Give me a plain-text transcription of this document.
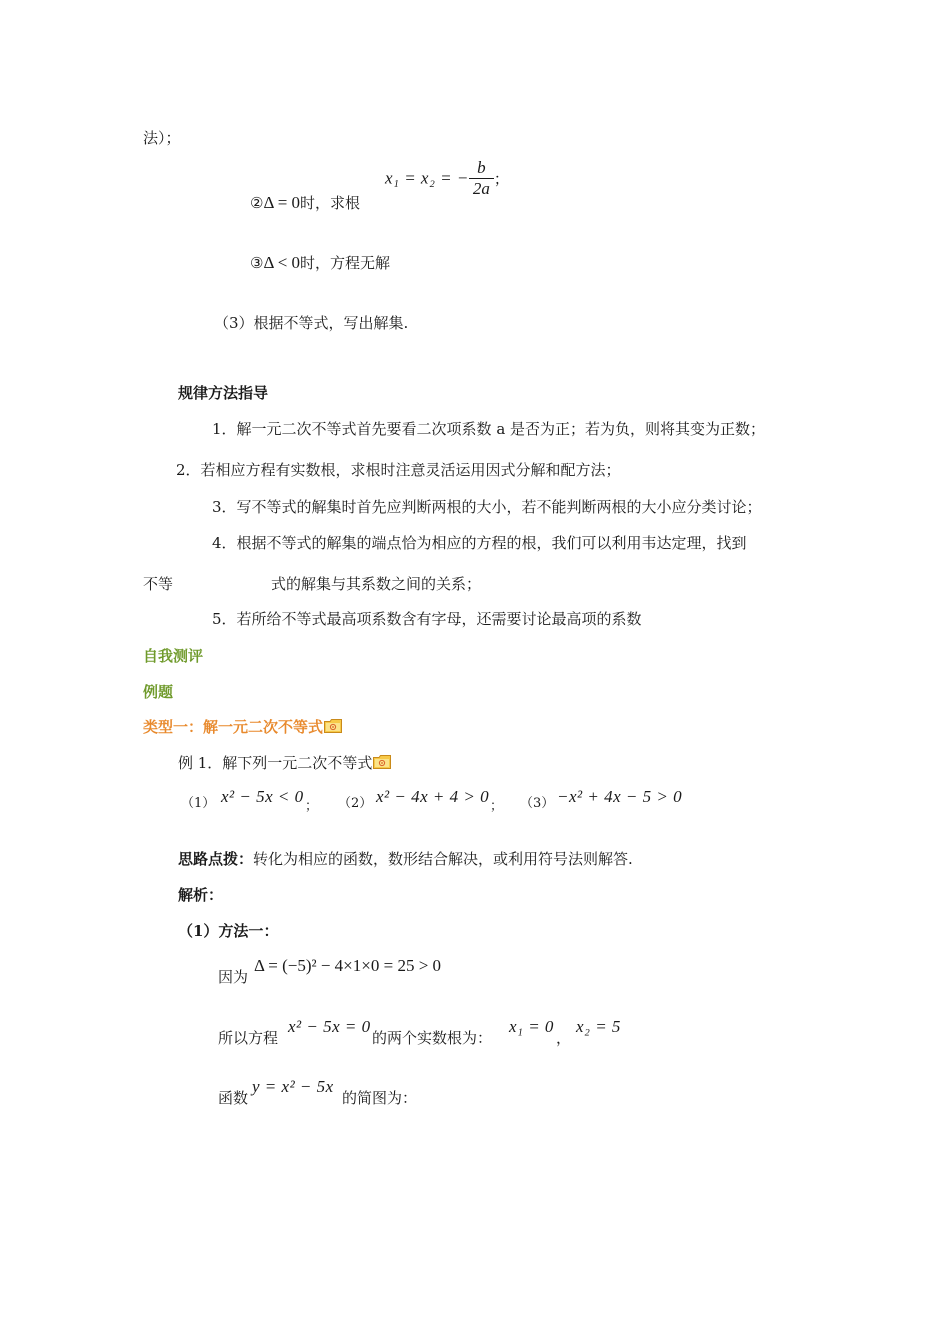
法）；
②Δ = 0时，求根
x₁ = x₂ = − $\frac{b}{2a}$ ；
③Δ < 0时，方程无解
（3）根据不等式，写出解集.
规律方法指导
1．解一元二次不等式首先要看二次项系数 a 是否为正；若为负，则将其变为正数；
2．若相应方程有实数根，求根时注意灵活运用因式分解和配方法；
3．写不等式的解集时首先应判断两根的大小，若不能判断两根的大小应分类讨论；
4．根据不等式的解集的端点恰为相应的方程的根，我们可以利用韦达定理，找到
不等	式的解集与其系数之间的关系；
5．若所给不等式最高项系数含有字母，还需要讨论最高项的系数
自我测评
例题
类型一：解一元二次不等式
例 1．解下列一元二次不等式
（1） x² − 5x < 0
； （2） x² − 4x + 4 > 0
； （3） −x² + 4x − 5 > 0
思路点拨：转化为相应的函数，数形结合解决，或利用符号法则解答.
解析：
（1）方法一：
因为
Δ = (−5)² − 4×1×0 = 25 > 0
所以方程
x² − 5x = 0
的两个实数根为：
x₁ = 0
，
x₂ = 5
函数
y = x² − 5x
的简图为：
